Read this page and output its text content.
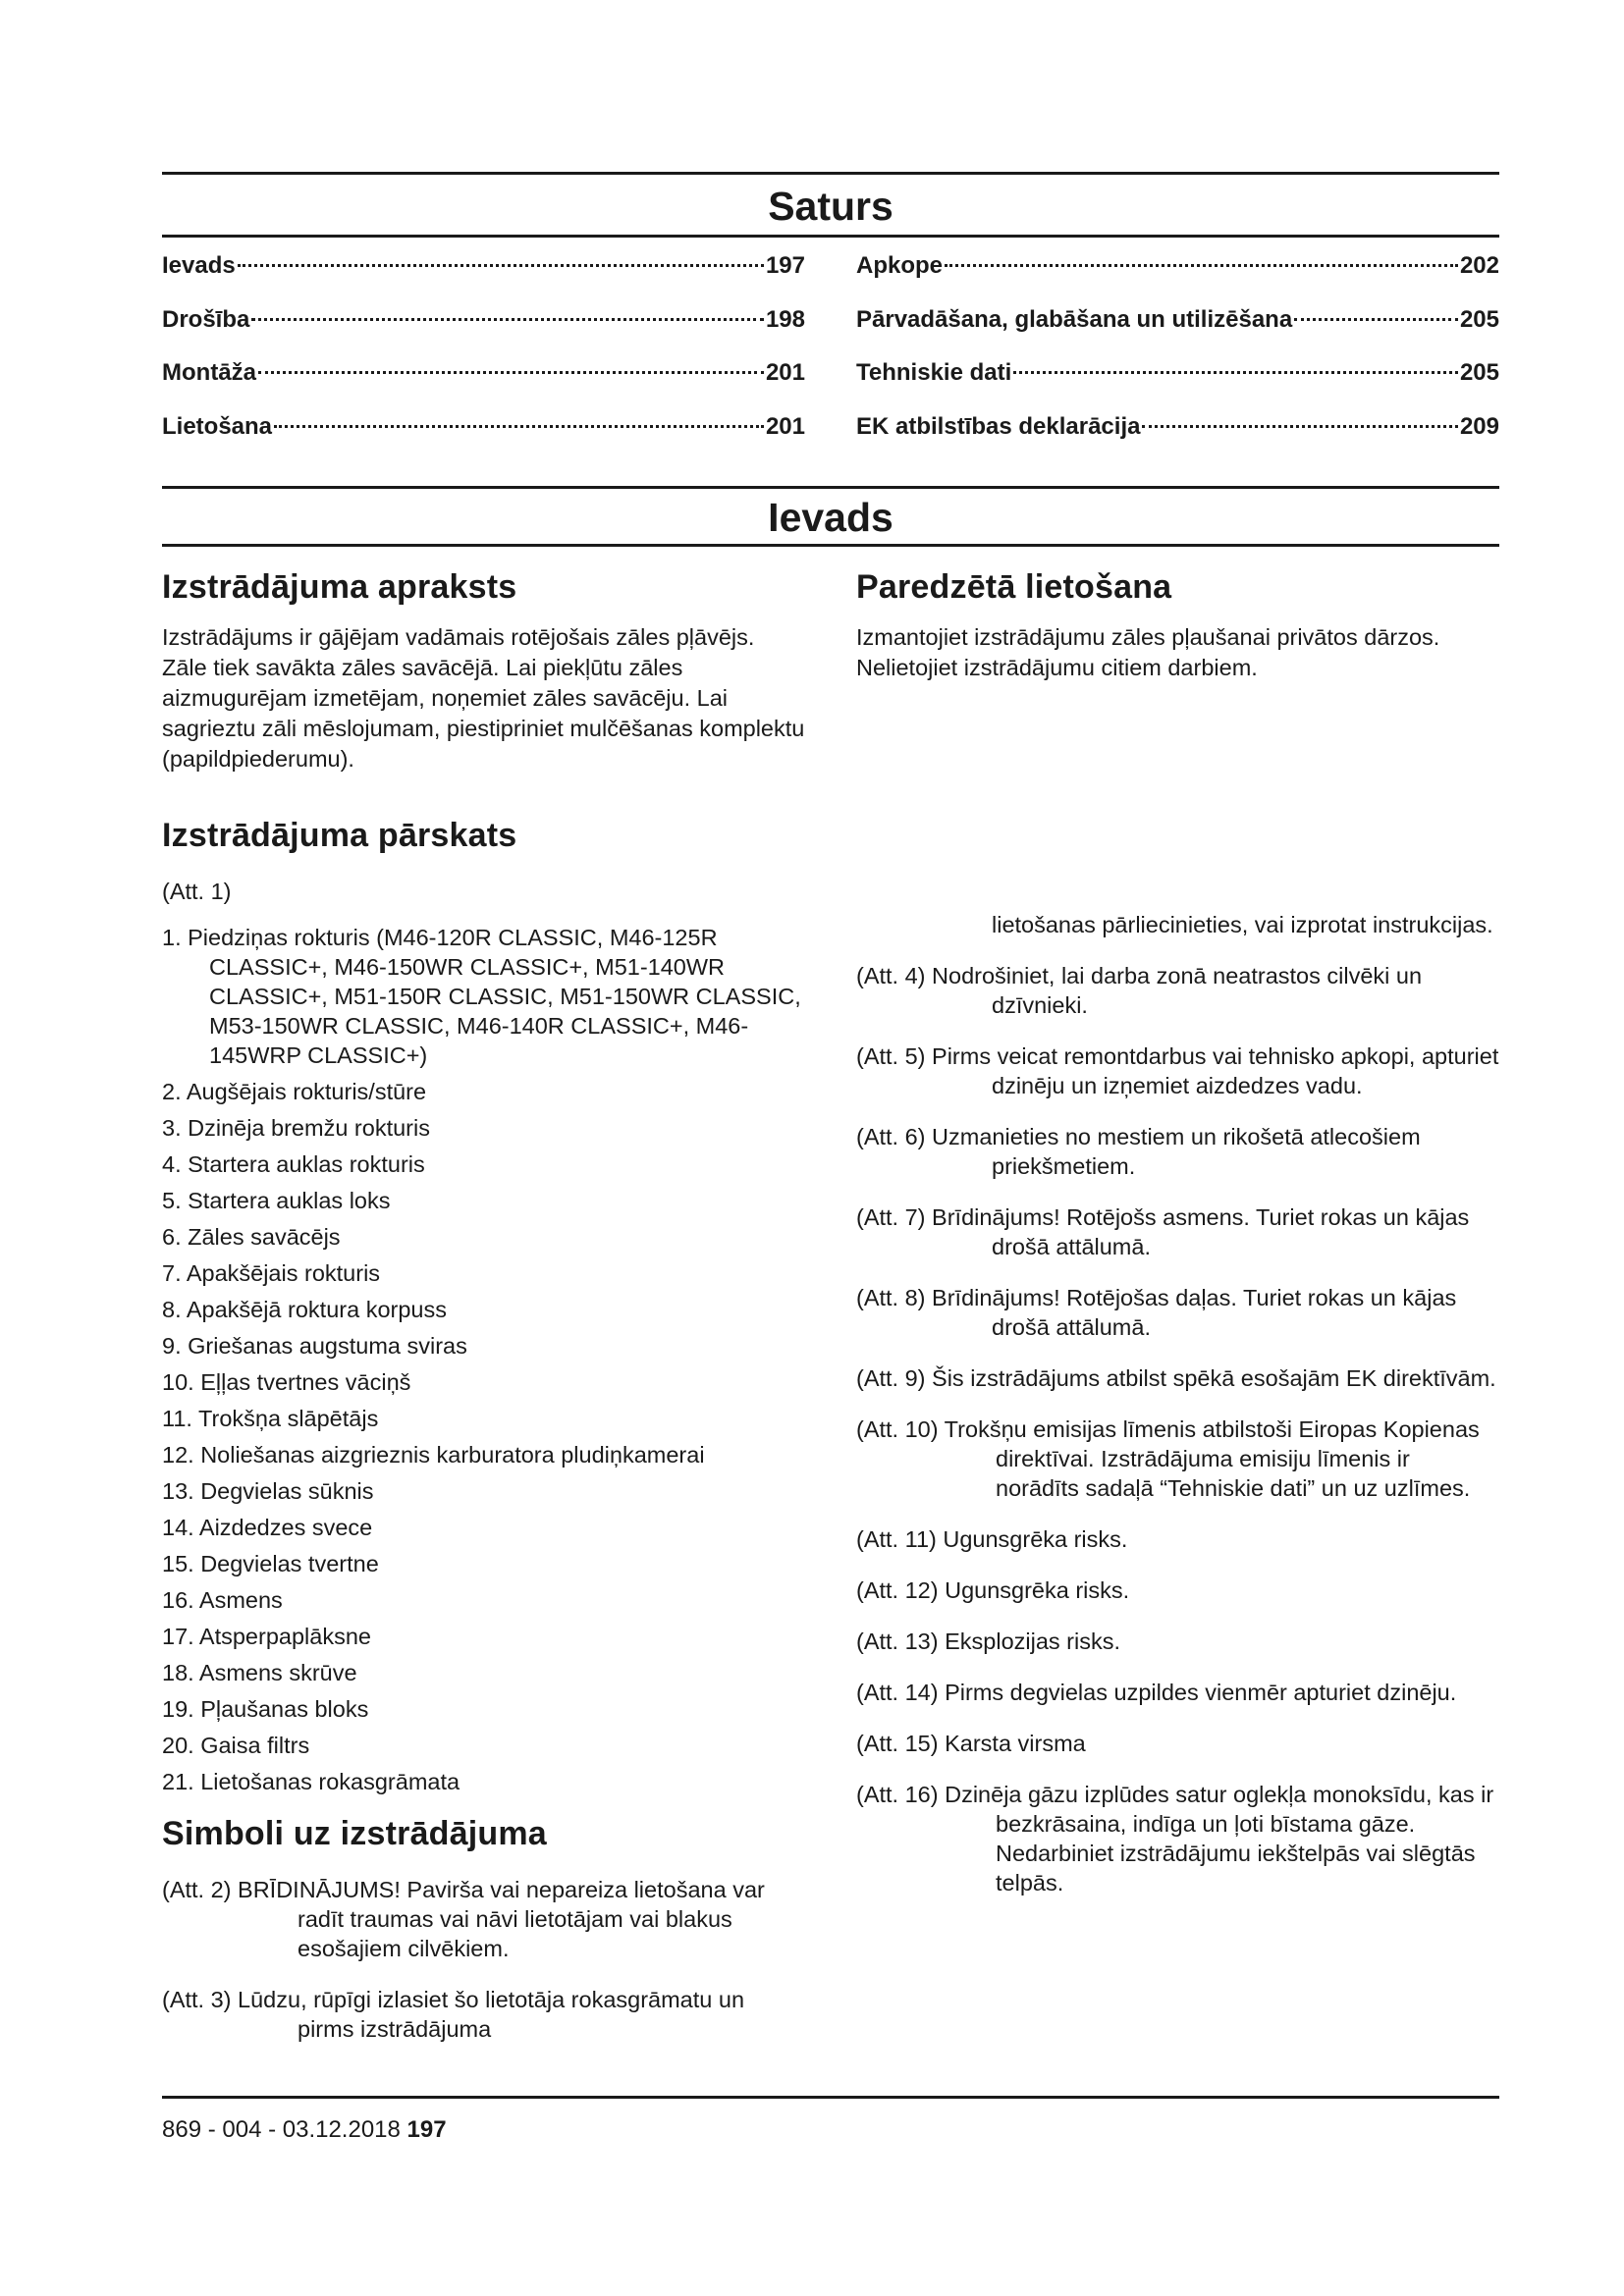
Saturs
Ievads	197
Drošība	198
Montāža	201
Lietošana	201
Apkope	202
Pārvadāšana, glabāšana un utilizēšana	205
Tehniskie dati	205
EK atbilstības deklarācija	209
Ievads
Izstrādājuma apraksts

Izstrādājums ir gājējam vadāmais rotējošais zāles pļāvējs. Zāle tiek savākta zāles savācējā. Lai piekļūtu zāles aizmugurējam izmetējam, noņemiet zāles savācēju. Lai sagrieztu zāli mēslojumam, piestipriniet mulčēšanas komplektu (papildpiederumu).

Izstrādājuma pārskats

(Att. 1)

1. Piedziņas rokturis (M46-120R CLASSIC, M46-125R CLASSIC+, M46-150WR CLASSIC+, M51-140WR CLASSIC+, M51-150R CLASSIC, M51-150WR CLASSIC, M53-150WR CLASSIC, M46-140R CLASSIC+, M46-145WRP CLASSIC+)
2. Augšējais rokturis/stūre
3. Dzinēja bremžu rokturis
4. Startera auklas rokturis
5. Startera auklas loks
6. Zāles savācējs
7. Apakšējais rokturis
8. Apakšējā roktura korpuss
9. Griešanas augstuma sviras
10. Eļļas tvertnes vāciņš
11. Trokšņa slāpētājs
12. Noliešanas aizgrieznis karburatora pludiņkamerai
13. Degvielas sūknis
14. Aizdedzes svece
15. Degvielas tvertne
16. Asmens
17. Atsperpaplāksne
18. Asmens skrūve
19. Pļaušanas bloks
20. Gaisa filtrs
21. Lietošanas rokasgrāmata
Simboli uz izstrādājuma
(Att. 2) BRĪDINĀJUMS! Pavirša vai nepareiza lietošana var radīt traumas vai nāvi lietotājam vai blakus esošajiem cilvēkiem.
(Att. 3) Lūdzu, rūpīgi izlasiet šo lietotāja rokasgrāmatu un pirms izstrādājuma
Paredzētā lietošana

Izmantojiet izstrādājumu zāles pļaušanai privātos dārzos. Nelietojiet izstrādājumu citiem darbiem.

lietošanas pārliecinieties, vai izprotat instrukcijas.
(Att. 4) Nodrošiniet, lai darba zonā neatrastos cilvēki un dzīvnieki.
(Att. 5) Pirms veicat remontdarbus vai tehnisko apkopi, apturiet dzinēju un izņemiet aizdedzes vadu.
(Att. 6) Uzmanieties no mestiem un rikošetā atlecošiem priekšmetiem.
(Att. 7) Brīdinājums! Rotējošs asmens. Turiet rokas un kājas drošā attālumā.
(Att. 8) Brīdinājums! Rotējošas daļas. Turiet rokas un kājas drošā attālumā.
(Att. 9) Šis izstrādājums atbilst spēkā esošajām EK direktīvām.
(Att. 10) Trokšņu emisijas līmenis atbilstoši Eiropas Kopienas direktīvai. Izstrādājuma emisiju līmenis ir norādīts sadaļā “Tehniskie dati” un uz uzlīmes.
(Att. 11) Ugunsgrēka risks.
(Att. 12) Ugunsgrēka risks.
(Att. 13) Eksplozijas risks.
(Att. 14) Pirms degvielas uzpildes vienmēr apturiet dzinēju.
(Att. 15) Karsta virsma
(Att. 16) Dzinēja gāzu izplūdes satur oglekļa monoksīdu, kas ir bezkrāsaina, indīga un ļoti bīstama gāze. Nedarbiniet izstrādājumu iekštelpās vai slēgtās telpās.
869 - 004 - 03.12.2018 197
